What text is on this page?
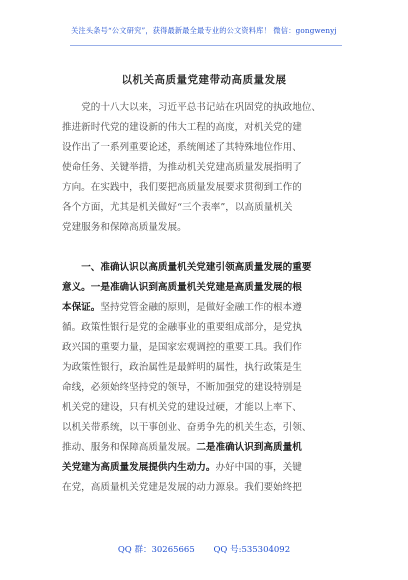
关注头条号“公文研究”，获得最新最全最专业的公文资料库！ 微信：gongwenyj
以机关高质量党建带动高质量发展

党的十八大以来，习近平总书记站在巩固党的执政地位、
推进新时代党的建设新的伟大工程的高度，对机关党的建
设作出了一系列重要论述，系统阐述了其特殊地位作用、
使命任务、关键举措，为推动机关党建高质量发展指明了
方向。在实践中，我们要把高质量发展要求贯彻到工作的
各个方面，尤其是机关做好“三个表率”，以高质量机关
党建服务和保障高质量发展。

一、准确认识以高质量机关党建引领高质量发展的重要
意义。一是准确认识到高质量机关党建是高质量发展的根
本保证。坚持党管金融的原则，是做好金融工作的根本遵
循。政策性银行是党的金融事业的重要组成部分，是党执
政兴国的重要力量，是国家宏观调控的重要工具。我们作
为政策性银行，政治属性是最鲜明的属性，执行政策是生
命线，必须始终坚持党的领导，不断加强党的建设特别是
机关党的建设，只有机关党的建设过硬，才能以上率下、
以机关带系统，以干事创业、奋勇争先的机关生态，引领、
推动、服务和保障高质量发展。二是准确认识到高质量机
关党建为高质量发展提供内生动力。办好中国的事，关键
在党，高质量机关党建是发展的动力源泉。我们要始终把

QQ 群：30265665 QQ 号:535304092
